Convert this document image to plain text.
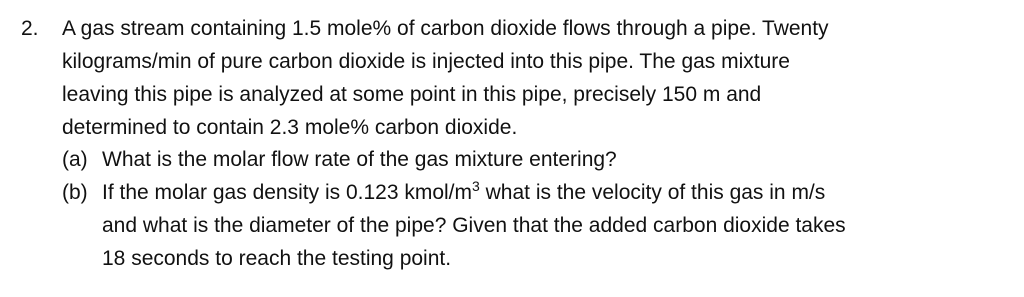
2. A gas stream containing 1.5 mole% of carbon dioxide flows through a pipe. Twenty
kilograms/min of pure carbon dioxide is injected into this pipe. The gas mixture
leaving this pipe is analyzed at some point in this pipe, precisely 150 m and
determined to contain 2.3 mole% carbon dioxide.
(a) What is the molar flow rate of the gas mixture entering?
(b) If the molar gas density is 0.123 kmol/$m^3$ what is the velocity of this gas in m/s
and what is the diameter of the pipe? Given that the added carbon dioxide takes
18 seconds to reach the testing point.
